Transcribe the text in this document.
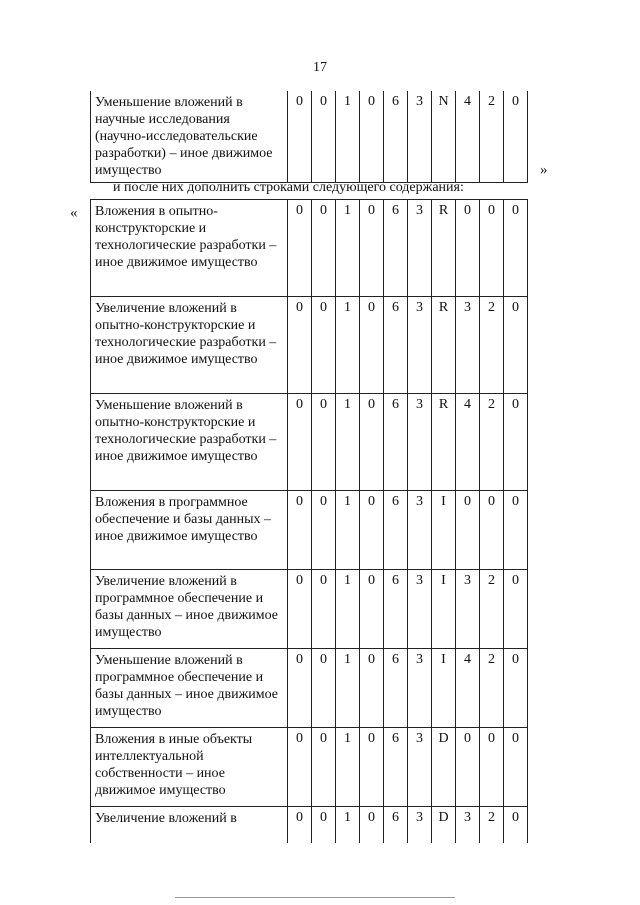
17
Уменьшение вложений в научные исследования (научно-исследовательские разработки) – иное движимое имущество	0	0	1	0	6	3	N	4	2	0
»
и после них дополнить строками следующего содержания:
« Вложения в опытно-конструкторские и технологические разработки – иное движимое имущество	0	0	1	0	6	3	R	0	0	0
Увеличение вложений в опытно-конструкторские и технологические разработки – иное движимое имущество	0	0	1	0	6	3	R	3	2	0
Уменьшение вложений в опытно-конструкторские и технологические разработки – иное движимое имущество	0	0	1	0	6	3	R	4	2	0
Вложения в программное обеспечение и базы данных – иное движимое имущество	0	0	1	0	6	3	I	0	0	0
Увеличение вложений в программное обеспечение и базы данных – иное движимое имущество	0	0	1	0	6	3	I	3	2	0
Уменьшение вложений в программное обеспечение и базы данных – иное движимое имущество	0	0	1	0	6	3	I	4	2	0
Вложения в иные объекты интеллектуальной собственности – иное движимое имущество	0	0	1	0	6	3	D	0	0	0
Увеличение вложений в	0	0	1	0	6	3	D	3	2	0
